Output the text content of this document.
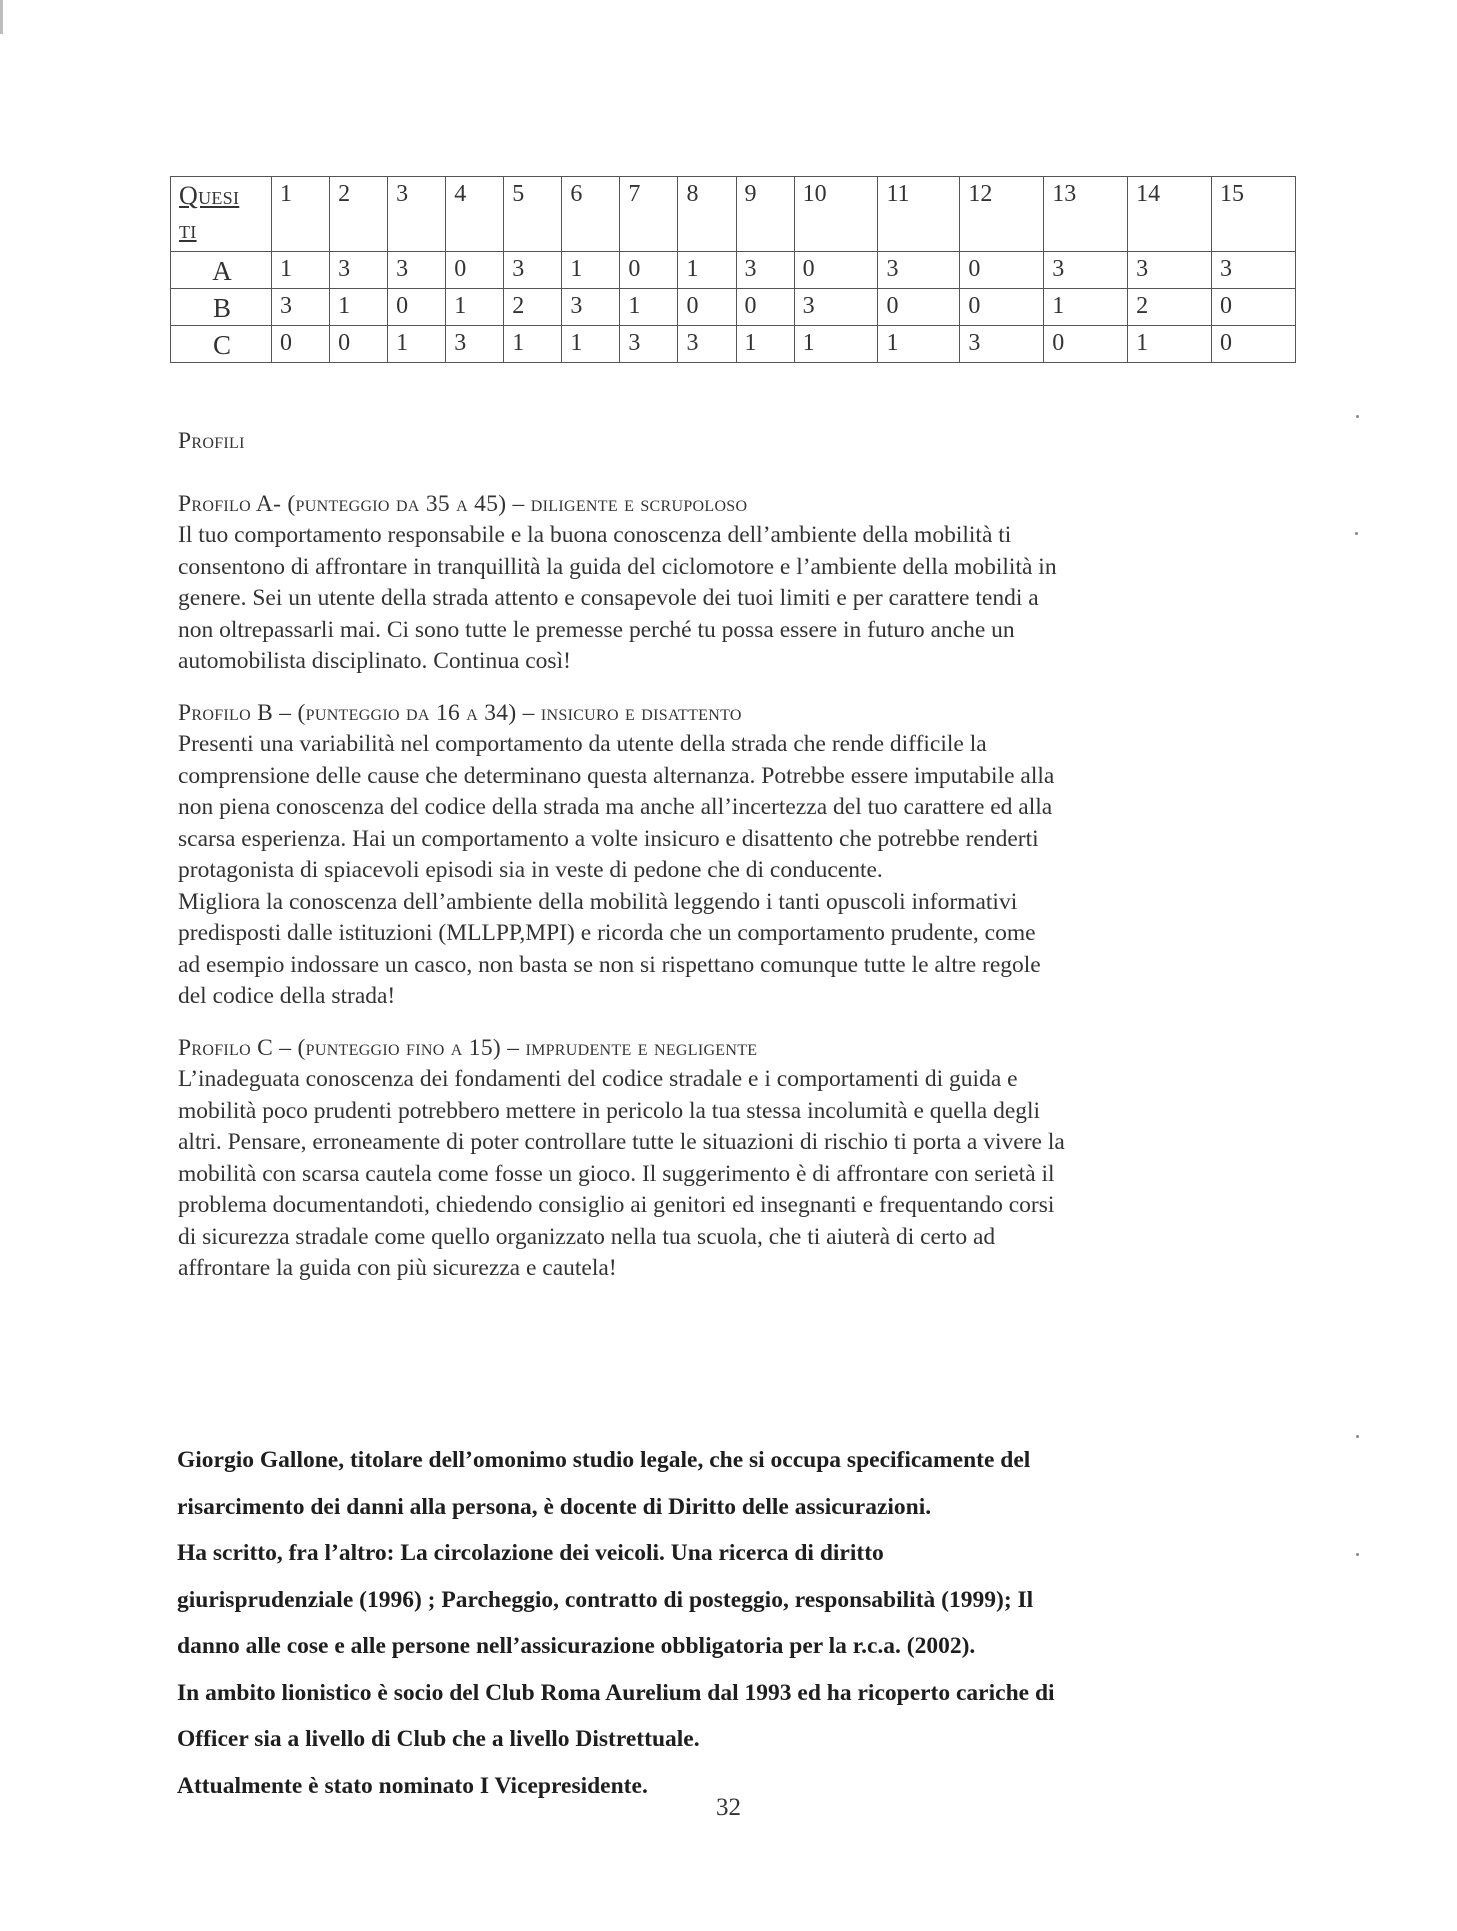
Quesi
ti	1	2	3	4	5	6	7	8	9	10	11	12	13	14	15
A	1	3	3	0	3	1	0	1	3	0	3	0	3	3	3
B	3	1	0	1	2	3	1	0	0	3	0	0	1	2	0
C	0	0	1	3	1	1	3	3	1	1	1	3	0	1	0
Profili
Profilo A- (punteggio da 35 a 45) – diligente e scrupoloso
Il tuo comportamento responsabile e la buona conoscenza dell’ambiente della mobilità ti
consentono di affrontare in tranquillità la guida del ciclomotore e l’ambiente della mobilità in
genere. Sei un utente della strada attento e consapevole dei tuoi limiti e per carattere tendi a
non oltrepassarli mai. Ci sono tutte le premesse perché tu possa essere in futuro anche un
automobilista disciplinato. Continua così!
Profilo B – (punteggio da 16 a 34) – insicuro e disattento
Presenti una variabilità nel comportamento da utente della strada che rende difficile la
comprensione delle cause che determinano questa alternanza. Potrebbe essere imputabile alla
non piena conoscenza del codice della strada ma anche all’incertezza del tuo carattere ed alla
scarsa esperienza. Hai un comportamento a volte insicuro e disattento che potrebbe renderti
protagonista di spiacevoli episodi sia in veste di pedone che di conducente.
Migliora la conoscenza dell’ambiente della mobilità leggendo i tanti opuscoli informativi
predisposti dalle istituzioni (MLLPP,MPI) e ricorda che un comportamento prudente, come
ad esempio indossare un casco, non basta se non si rispettano comunque tutte le altre regole
del codice della strada!
Profilo C – (punteggio fino a 15) – imprudente e negligente
L’inadeguata conoscenza dei fondamenti del codice stradale e i comportamenti di guida e
mobilità poco prudenti potrebbero mettere in pericolo la tua stessa incolumità e quella degli
altri. Pensare, erroneamente di poter controllare tutte le situazioni di rischio ti porta a vivere la
mobilità con scarsa cautela come fosse un gioco. Il suggerimento è di affrontare con serietà il
problema documentandoti, chiedendo consiglio ai genitori ed insegnanti e frequentando corsi
di sicurezza stradale come quello organizzato nella tua scuola, che ti aiuterà di certo ad
affrontare la guida con più sicurezza e cautela!
Giorgio Gallone, titolare dell’omonimo studio legale, che si occupa specificamente del
risarcimento dei danni alla persona, è docente di Diritto delle assicurazioni.
Ha scritto, fra l’altro: La circolazione dei veicoli. Una ricerca di diritto
giurisprudenziale (1996) ; Parcheggio, contratto di posteggio, responsabilità (1999); Il
danno alle cose e alle persone nell’assicurazione obbligatoria per la r.c.a. (2002).
In ambito lionistico è socio del Club Roma Aurelium dal 1993 ed ha ricoperto cariche di
Officer sia a livello di Club che a livello Distrettuale.
Attualmente è stato nominato I Vicepresidente.
32
